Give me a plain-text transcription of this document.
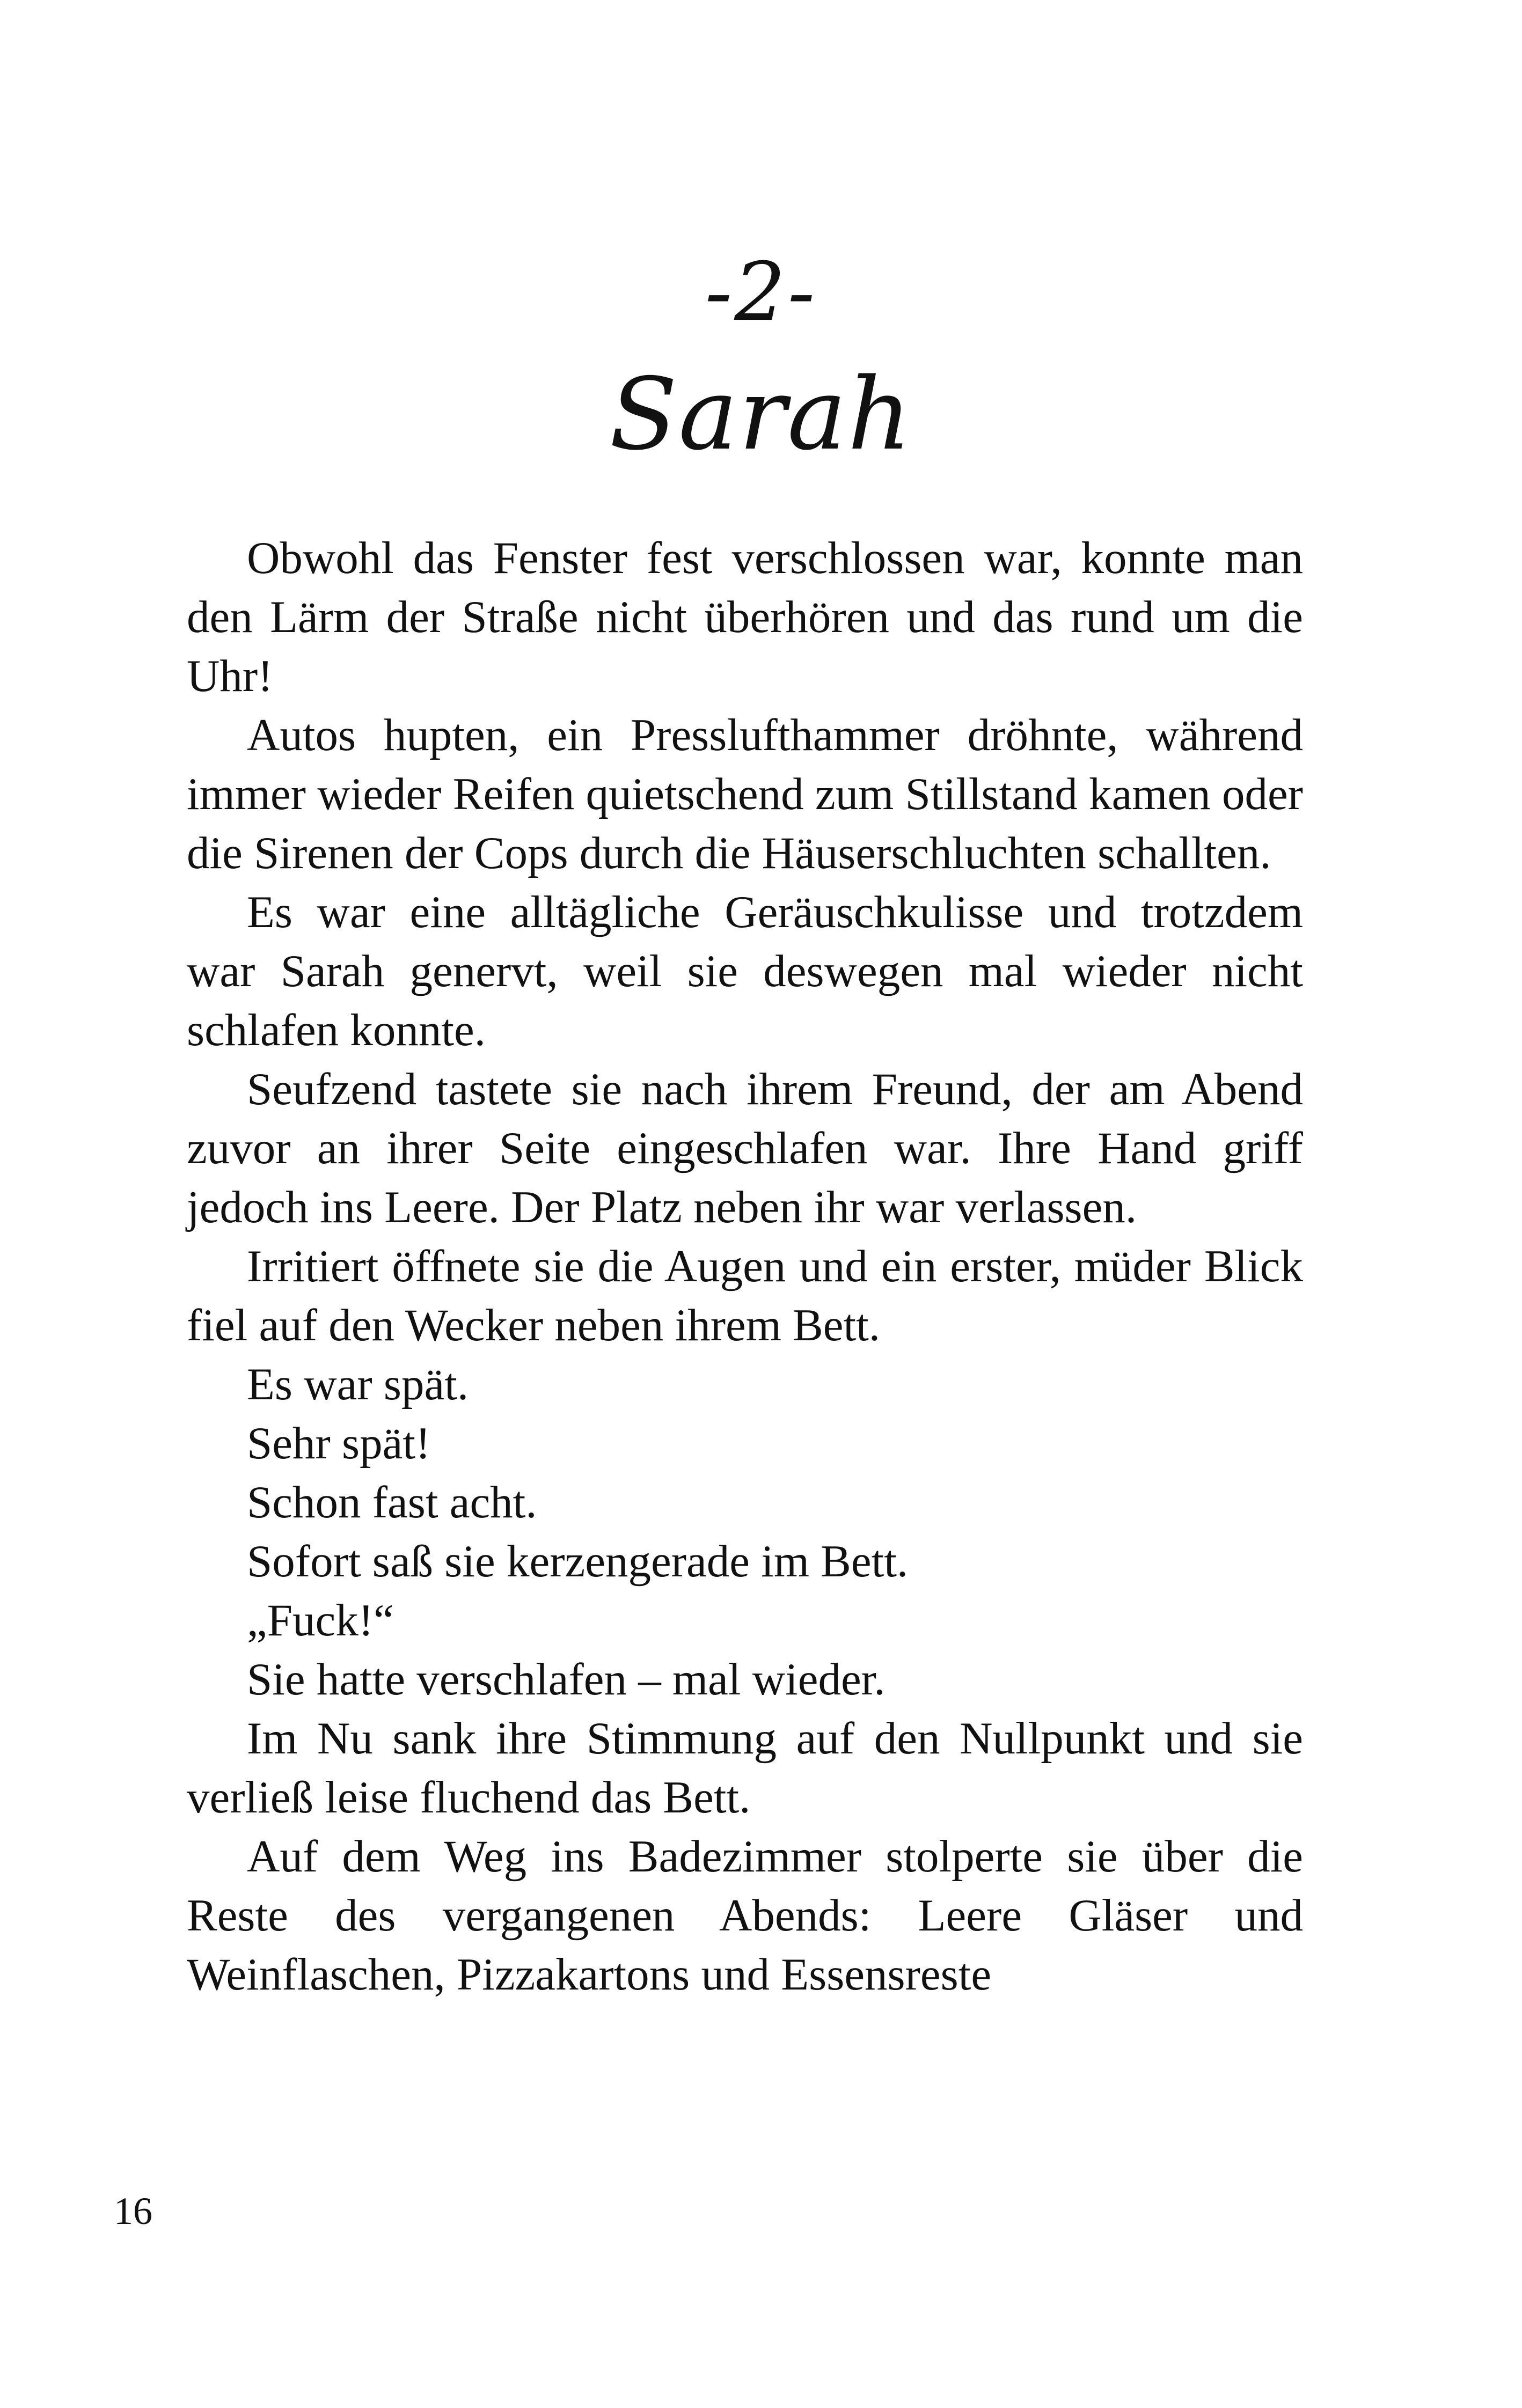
-2-
Sarah

Obwohl das Fenster fest verschlossen war, konnte man den Lärm der Straße nicht überhören und das rund um die Uhr!

Autos hupten, ein Presslufthammer dröhnte, während immer wieder Reifen quietschend zum Stillstand kamen oder die Sirenen der Cops durch die Häuserschluchten schallten.

Es war eine alltägliche Geräuschkulisse und trotzdem war Sarah genervt, weil sie deswegen mal wieder nicht schlafen konnte.

Seufzend tastete sie nach ihrem Freund, der am Abend zuvor an ihrer Seite eingeschlafen war. Ihre Hand griff jedoch ins Leere. Der Platz neben ihr war verlassen.

Irritiert öffnete sie die Augen und ein erster, müder Blick fiel auf den Wecker neben ihrem Bett.

Es war spät.

Sehr spät!

Schon fast acht.

Sofort saß sie kerzengerade im Bett.

„Fuck!“

Sie hatte verschlafen – mal wieder.

Im Nu sank ihre Stimmung auf den Nullpunkt und sie verließ leise fluchend das Bett.

Auf dem Weg ins Badezimmer stolperte sie über die Reste des vergangenen Abends: Leere Gläser und Weinflaschen, Pizzakartons und Essensreste

16
